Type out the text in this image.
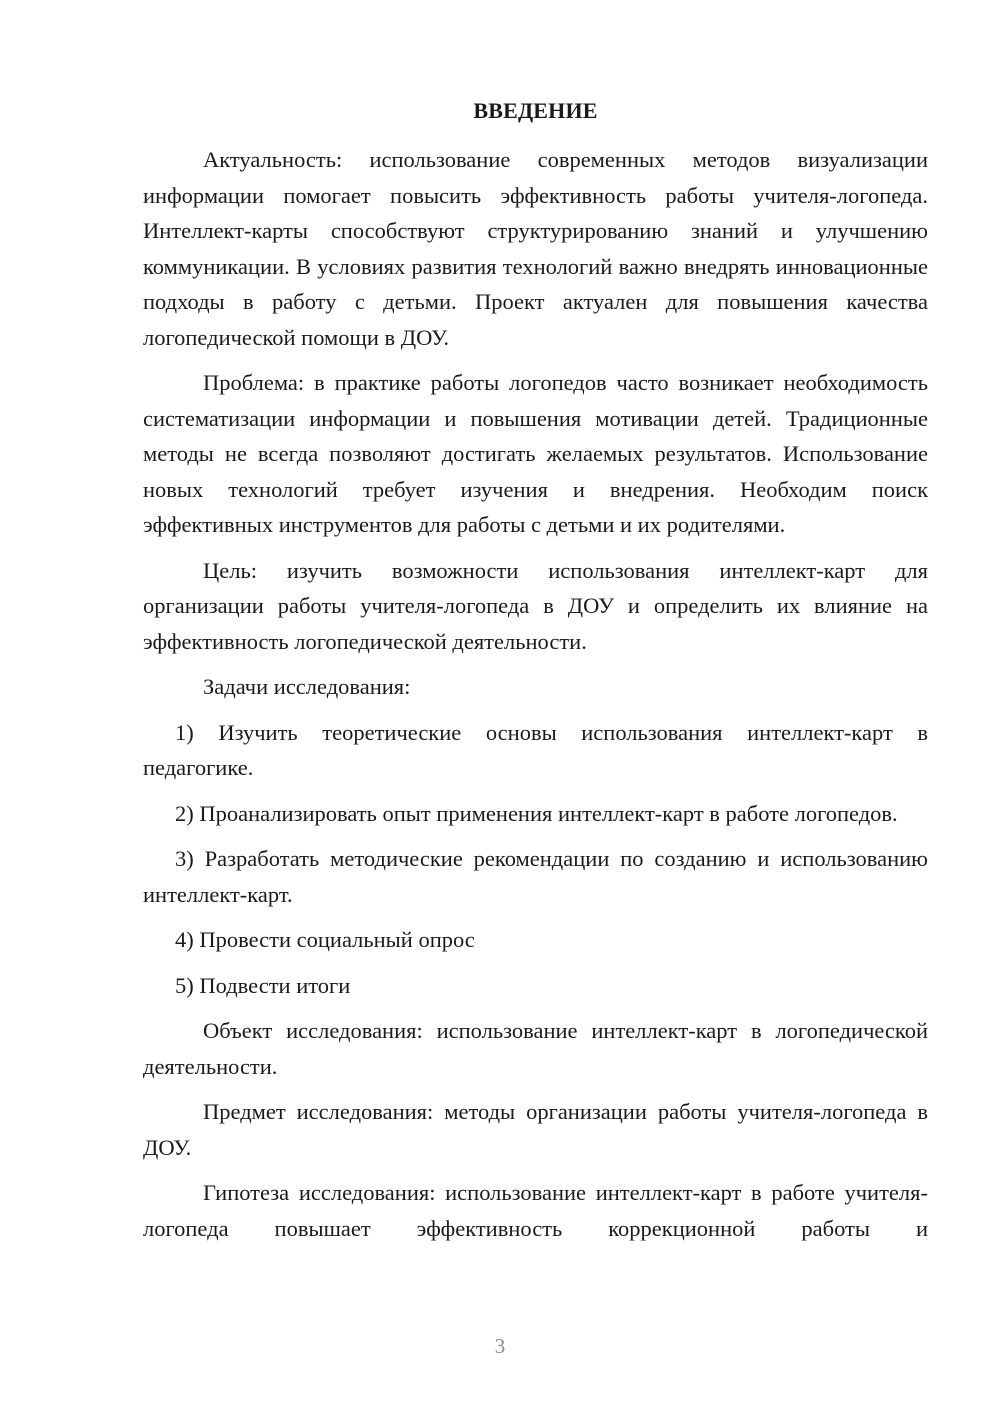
ВВЕДЕНИЕ

Актуальность: использование современных методов визуализации информации помогает повысить эффективность работы учителя-логопеда. Интеллект-карты способствуют структурированию знаний и улучшению коммуникации. В условиях развития технологий важно внедрять инновационные подходы в работу с детьми. Проект актуален для повышения качества логопедической помощи в ДОУ.

Проблема: в практике работы логопедов часто возникает необходимость систематизации информации и повышения мотивации детей. Традиционные методы не всегда позволяют достигать желаемых результатов. Использование новых технологий требует изучения и внедрения. Необходим поиск эффективных инструментов для работы с детьми и их родителями.

Цель: изучить возможности использования интеллект-карт для организации работы учителя-логопеда в ДОУ и определить их влияние на эффективность логопедической деятельности.

Задачи исследования:

1) Изучить теоретические основы использования интеллект-карт в педагогике.

2) Проанализировать опыт применения интеллект-карт в работе логопедов.

3) Разработать методические рекомендации по созданию и использованию интеллект-карт.

4) Провести социальный опрос

5) Подвести итоги

Объект исследования: использование интеллект-карт в логопедической деятельности.

Предмет исследования: методы организации работы учителя-логопеда в ДОУ.

Гипотеза исследования: использование интеллект-карт в работе учителя-логопеда повышает эффективность коррекционной работы и

3
